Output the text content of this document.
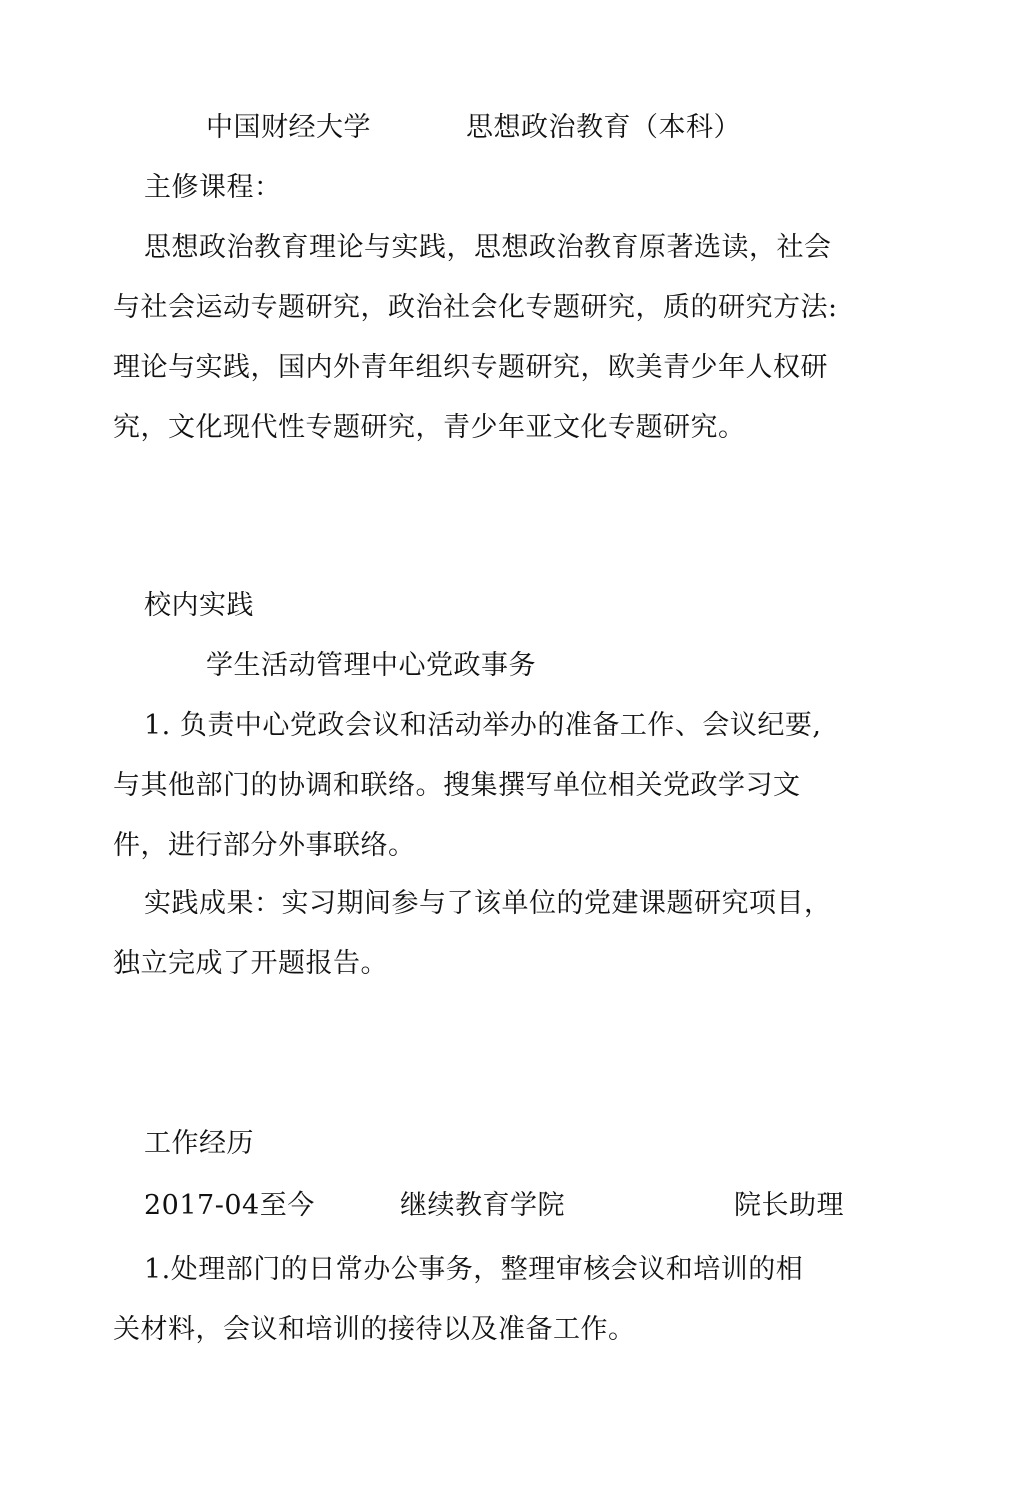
中国财经大学	思想政治教育（本科）
主修课程：
思想政治教育理论与实践，思想政治教育原著选读，社会
与社会运动专题研究，政治社会化专题研究，质的研究方法:
理论与实践，国内外青年组织专题研究，欧美青少年人权研
究，文化现代性专题研究，青少年亚文化专题研究。
校内实践
学生活动管理中心党政事务
1. 负责中心党政会议和活动举办的准备工作、会议纪要,
与其他部门的协调和联络。搜集撰写单位相关党政学习文
件，进行部分外事联络。
实践成果：实习期间参与了该单位的党建课题研究项目，
独立完成了开题报告。
工作经历
2017-04至今	继续教育学院	院长助理
1.处理部门的日常办公事务，整理审核会议和培训的相
关材料，会议和培训的接待以及准备工作。
